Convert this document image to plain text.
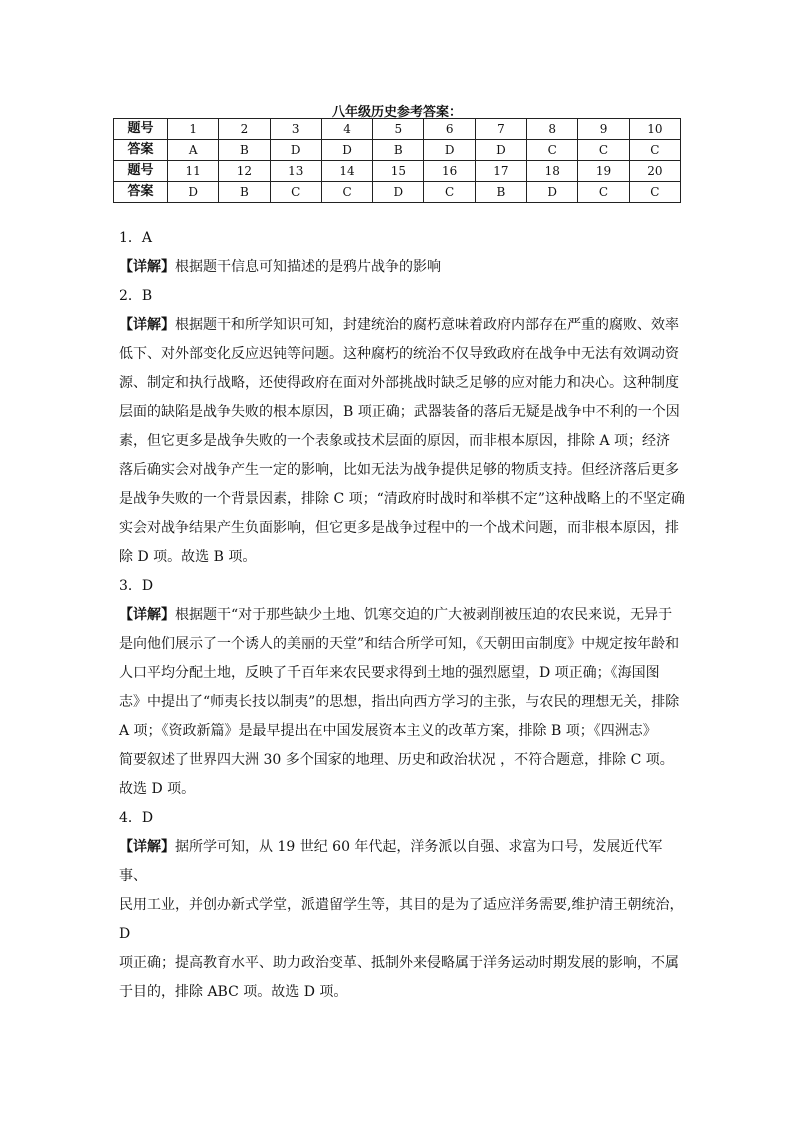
八年级历史参考答案：
题号	1	2	3	4	5	6	7	8	9	10
答案	A	B	D	D	B	D	D	C	C	C
题号	11	12	13	14	15	16	17	18	19	20
答案	D	B	C	C	D	C	B	D	C	C

1．A

【详解】根据题干信息可知描述的是鸦片战争的影响

2．B

【详解】根据题干和所学知识可知，封建统治的腐朽意味着政府内部存在严重的腐败、效率

低下、对外部变化反应迟钝等问题。这种腐朽的统治不仅导致政府在战争中无法有效调动资

源、制定和执行战略，还使得政府在面对外部挑战时缺乏足够的应对能力和决心。这种制度

层面的缺陷是战争失败的根本原因，B 项正确；武器装备的落后无疑是战争中不利的一个因

素，但它更多是战争失败的一个表象或技术层面的原因，而非根本原因，排除 A 项；经济

落后确实会对战争产生一定的影响，比如无法为战争提供足够的物质支持。但经济落后更多

是战争失败的一个背景因素，排除 C 项；“清政府时战时和举棋不定”这种战略上的不坚定确

实会对战争结果产生负面影响，但它更多是战争过程中的一个战术问题，而非根本原因，排

除 D 项。故选 B 项。

3．D

【详解】根据题干“对于那些缺少土地、饥寒交迫的广大被剥削被压迫的农民来说，无异于

是向他们展示了一个诱人的美丽的天堂”和结合所学可知，《天朝田亩制度》中规定按年龄和

人口平均分配土地，反映了千百年来农民要求得到土地的强烈愿望，D 项正确；《海国图

志》中提出了“师夷长技以制夷”的思想，指出向西方学习的主张，与农民的理想无关，排除

A 项；《资政新篇》是最早提出在中国发展资本主义的改革方案，排除 B 项；《四洲志》

简要叙述了世界四大洲 30 多个国家的地理、历史和政治状况 ，不符合题意，排除 C 项。

故选 D 项。

4．D

【详解】据所学可知，从 19 世纪 60 年代起，洋务派以自强、求富为口号，发展近代军事、

民用工业，并创办新式学堂，派遣留学生等，其目的是为了适应洋务需要,维护清王朝统治，D

项正确；提高教育水平、助力政治变革、抵制外来侵略属于洋务运动时期发展的影响，不属

于目的，排除 ABC 项。故选 D 项。
